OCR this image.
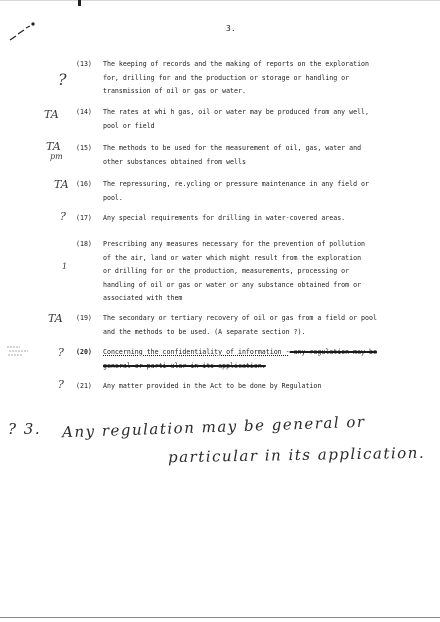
3.
(13) The keeping of records and the making of reports on the exploration
for, drilling for and the production or storage or handling or
transmission of oil or gas or water.
?
(14) The rates at whi h gas, oil or water may be produced from any well,
pool or field
TA
(15) The methods to be used for the measurement of oil, gas, water and
other substances obtained from wells
TA
pm
(16) The repressuring, re.ycling or pressure maintenance in any field or
pool.
TA
(17) Any special requirements for drilling in water-covered areas.
?
(18) Prescribing any measures necessary for the prevention of pollution
of the air, land or water which might result from the exploration
or drilling for or the production, measurements, processing or
handling of oil or gas or water or any substance obtained from or
associated with them
1
(19) The secondary or tertiary recovery of oil or gas from a field or pool
and the methods to be used. (A separate section ?).
TA
(20) Concerning the confidentiality of information - any regulation may be
general or parti ular in its application.
?
(21) Any matter provided in the Act to be done by Regulation
?
? 3. Any regulation may be general or
particular in its application.
